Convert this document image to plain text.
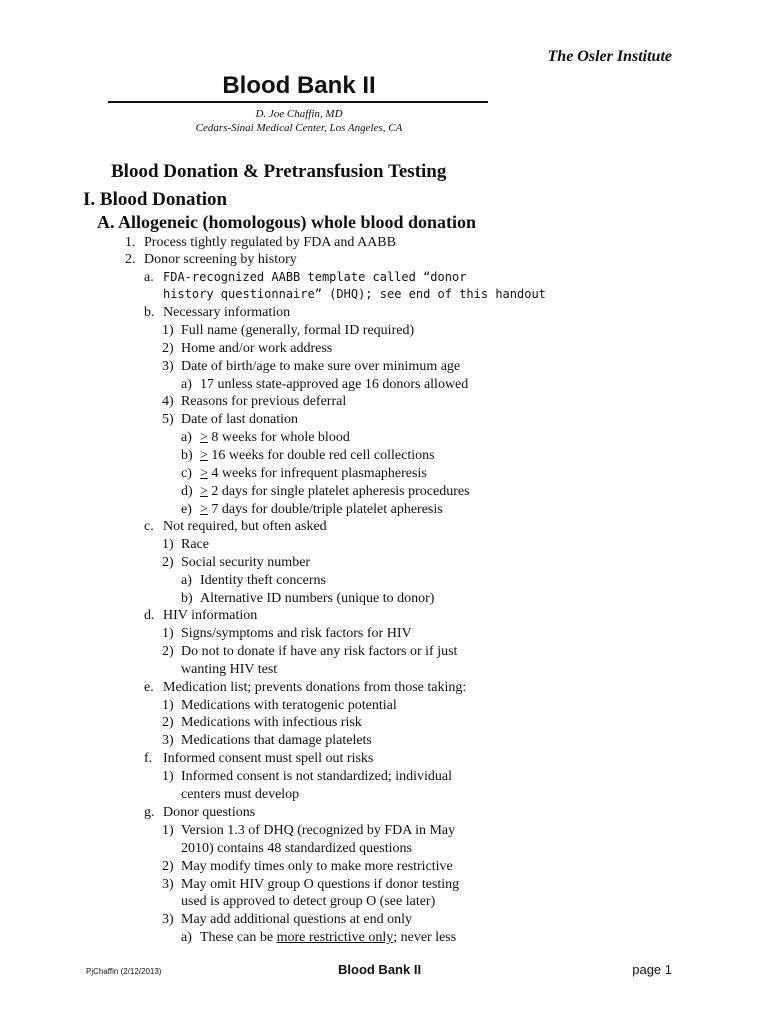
The Osler Institute
Blood Bank II
D. Joe Chaffin, MD
Cedars-Sinai Medical Center, Los Angeles, CA
Blood Donation & Pretransfusion Testing
I. Blood Donation
A. Allogeneic (homologous) whole blood donation
1. Process tightly regulated by FDA and AABB
2. Donor screening by history
a. FDA-recognized AABB template called “donor
history questionnaire” (DHQ); see end of this handout
b. Necessary information
1) Full name (generally, formal ID required)
2) Home and/or work address
3) Date of birth/age to make sure over minimum age
a) 17 unless state-approved age 16 donors allowed
4) Reasons for previous deferral
5) Date of last donation
a) ≥ 8 weeks for whole blood
b) ≥ 16 weeks for double red cell collections
c) ≥ 4 weeks for infrequent plasmapheresis
d) ≥ 2 days for single platelet apheresis procedures
e) ≥ 7 days for double/triple platelet apheresis
c. Not required, but often asked
1) Race
2) Social security number
a) Identity theft concerns
b) Alternative ID numbers (unique to donor)
d. HIV information
1) Signs/symptoms and risk factors for HIV
2) Do not to donate if have any risk factors or if just
wanting HIV test
e. Medication list; prevents donations from those taking:
1) Medications with teratogenic potential
2) Medications with infectious risk
3) Medications that damage platelets
f. Informed consent must spell out risks
1) Informed consent is not standardized; individual
centers must develop
g. Donor questions
1) Version 1.3 of DHQ (recognized by FDA in May
2010) contains 48 standardized questions
2) May modify times only to make more restrictive
3) May omit HIV group O questions if donor testing
used is approved to detect group O (see later)
3) May add additional questions at end only
a) These can be more restrictive only; never less
PjChaffin (2/12/2013)	Blood Bank II	page 1
